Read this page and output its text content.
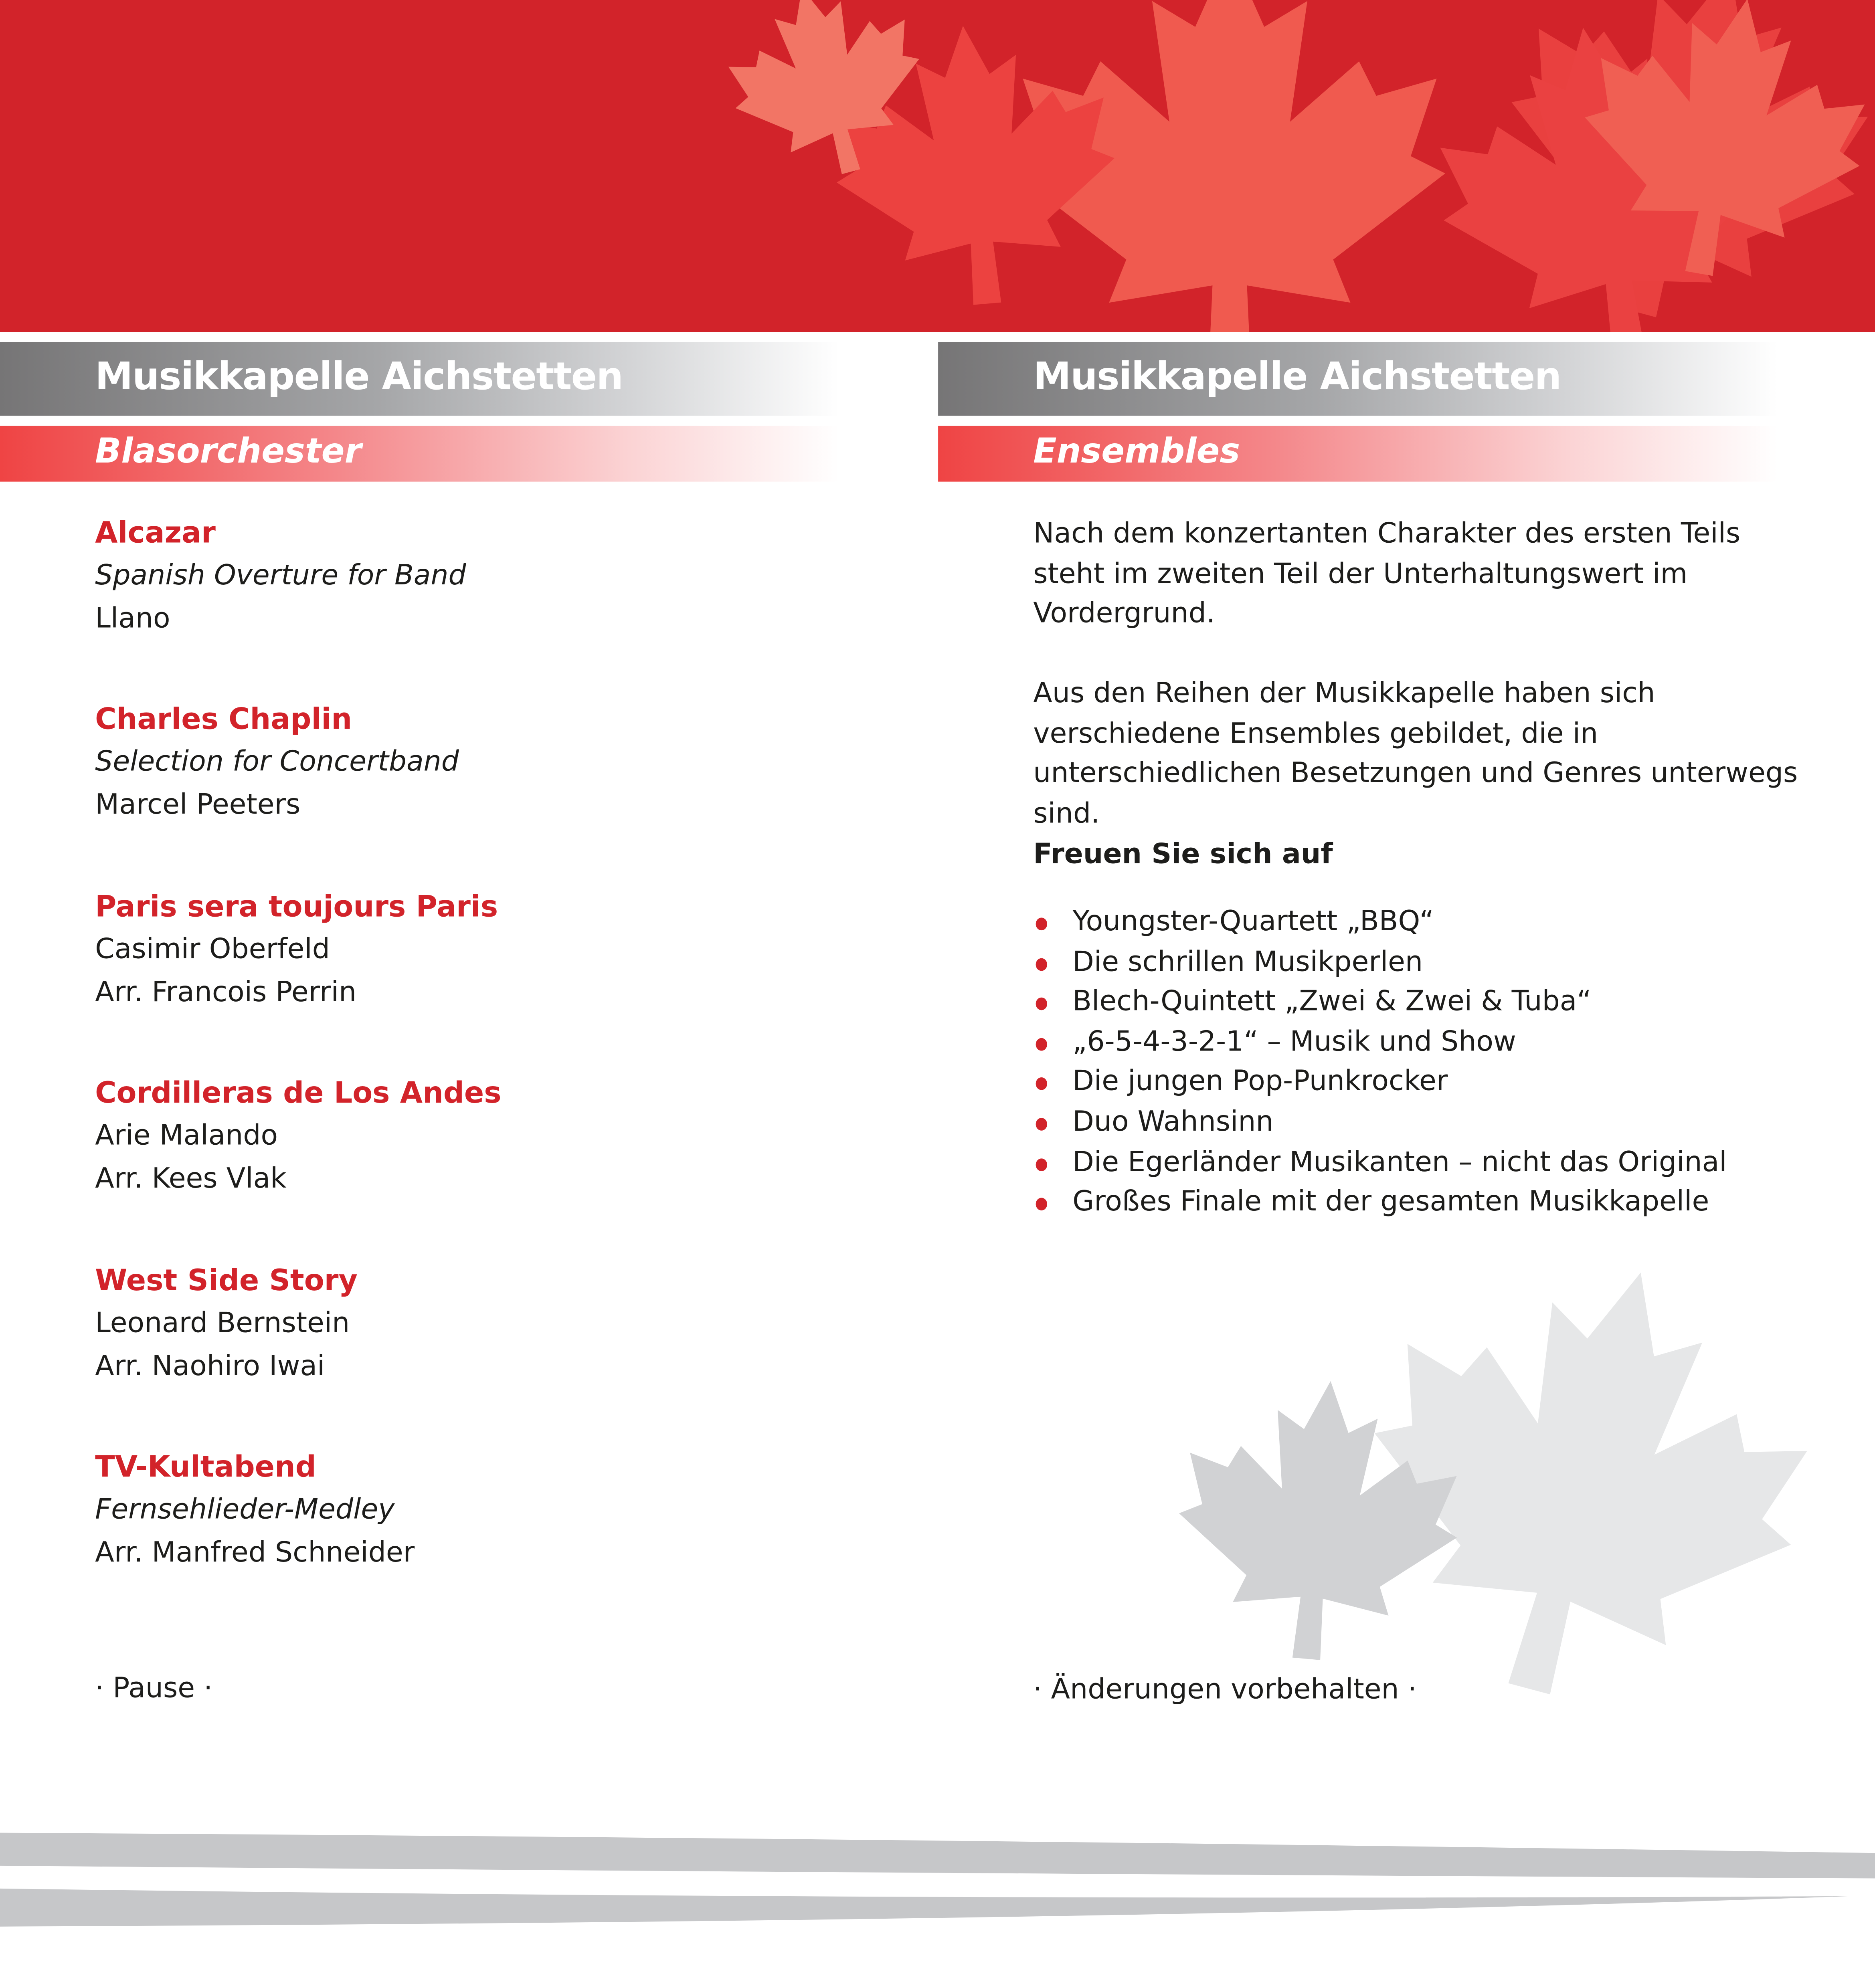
Musikkapelle Aichstetten
Blasorchester
Alcazar
Spanish Overture for Band
Llano
Charles Chaplin
Selection for Concertband
Marcel Peeters
Paris sera toujours Paris
Casimir Oberfeld
Arr. Francois Perrin
Cordilleras de Los Andes
Arie Malando
Arr. Kees Vlak
West Side Story
Leonard Bernstein
Arr. Naohiro Iwai
TV-Kultabend
Fernsehlieder-Medley
Arr. Manfred Schneider
· Pause ·
Musikkapelle Aichstetten
Ensembles
Nach dem konzertanten Charakter des ersten Teils steht im zweiten Teil der Unterhaltungswert im Vordergrund.
Aus den Reihen der Musikkapelle haben sich verschiedene Ensembles gebildet, die in unterschiedlichen Besetzungen und Genres unterwegs sind.
Freuen Sie sich auf
Youngster-Quartett „BBQ“
Die schrillen Musikperlen
Blech-Quintett „Zwei & Zwei & Tuba“
„6-5-4-3-2-1“ – Musik und Show
Die jungen Pop-Punkrocker
Duo Wahnsinn
Die Egerländer Musikanten – nicht das Original
Großes Finale mit der gesamten Musikkapelle
· Änderungen vorbehalten ·
